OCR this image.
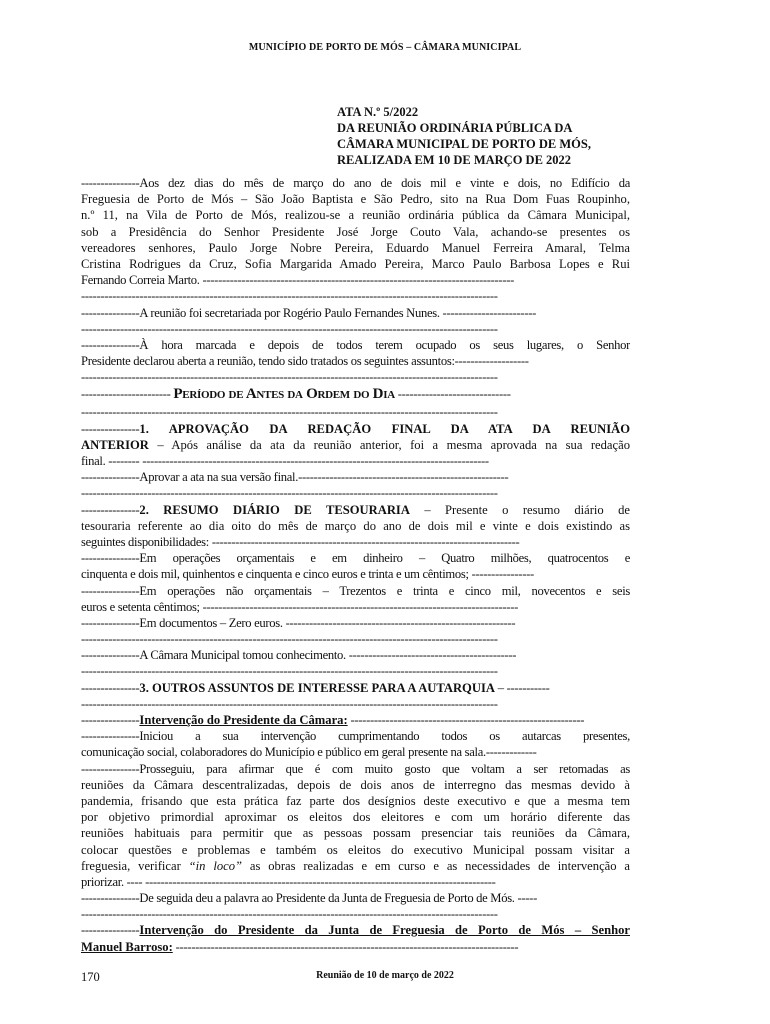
MUNICÍPIO DE PORTO DE MÓS – CÂMARA MUNICIPAL
ATA N.º 5/2022
DA REUNIÃO ORDINÁRIA PÚBLICA DA
CÂMARA MUNICIPAL DE PORTO DE MÓS,
REALIZADA EM 10 DE MARÇO DE 2022
---------------Aos dez dias do mês de março do ano de dois mil e vinte e dois, no Edifício da
Freguesia de Porto de Mós – São João Baptista e São Pedro, sito na Rua Dom Fuas Roupinho,
n.º 11, na Vila de Porto de Mós, realizou-se a reunião ordinária pública da Câmara Municipal,
sob a Presidência do Senhor Presidente José Jorge Couto Vala, achando-se presentes os
vereadores senhores, Paulo Jorge Nobre Pereira, Eduardo Manuel Ferreira Amaral, Telma
Cristina Rodrigues da Cruz, Sofia Margarida Amado Pereira, Marco Paulo Barbosa Lopes e Rui
Fernando Correia Marto. --------------------------------------------------------------------------------
-----------------------------------------------------------------------------------------------------------
---------------A reunião foi secretariada por Rogério Paulo Fernandes Nunes. ------------------------
-----------------------------------------------------------------------------------------------------------
---------------À hora marcada e depois de todos terem ocupado os seus lugares, o Senhor
Presidente declarou aberta a reunião, tendo sido tratados os seguintes assuntos:-------------------
-----------------------------------------------------------------------------------------------------------
----------------------- Período de Antes da Ordem do Dia -----------------------------
-----------------------------------------------------------------------------------------------------------
---------------1. APROVAÇÃO DA REDAÇÃO FINAL DA ATA DA REUNIÃO
ANTERIOR – Após análise da ata da reunião anterior, foi a mesma aprovada na sua redação
final. -------- -----------------------------------------------------------------------------------------
---------------Aprovar a ata na sua versão final.------------------------------------------------------
-----------------------------------------------------------------------------------------------------------
---------------2. RESUMO DIÁRIO DE TESOURARIA – Presente o resumo diário de
tesouraria referente ao dia oito do mês de março do ano de dois mil e vinte e dois existindo as
seguintes disponibilidades: -------------------------------------------------------------------------------
---------------Em operações orçamentais e em dinheiro – Quatro milhões, quatrocentos e
cinquenta e dois mil, quinhentos e cinquenta e cinco euros e trinta e um cêntimos; ----------------
---------------Em operações não orçamentais – Trezentos e trinta e cinco mil, novecentos e seis
euros e setenta cêntimos; ---------------------------------------------------------------------------------
---------------Em documentos – Zero euros. -----------------------------------------------------------
-----------------------------------------------------------------------------------------------------------
---------------A Câmara Municipal tomou conhecimento. -------------------------------------------
-----------------------------------------------------------------------------------------------------------
---------------3. OUTROS ASSUNTOS DE INTERESSE PARA A AUTARQUIA – -----------
-----------------------------------------------------------------------------------------------------------
---------------Intervenção do Presidente da Câmara: ------------------------------------------------------------
---------------Iniciou a sua intervenção cumprimentando todos os autarcas presentes,
comunicação social, colaboradores do Município e público em geral presente na sala.-------------
---------------Prosseguiu, para afirmar que é com muito gosto que voltam a ser retomadas as
reuniões da Câmara descentralizadas, depois de dois anos de interregno das mesmas devido à
pandemia, frisando que esta prática faz parte dos desígnios deste executivo e que a mesma tem
por objetivo primordial aproximar os eleitos dos eleitores e com um horário diferente das
reuniões habituais para permitir que as pessoas possam presenciar tais reuniões da Câmara,
colocar questões e problemas e também os eleitos do executivo Municipal possam visitar a
freguesia, verificar “in loco” as obras realizadas e em curso e as necessidades de intervenção a
priorizar. ---- ------------------------------------------------------------------------------------------
---------------De seguida deu a palavra ao Presidente da Junta de Freguesia de Porto de Mós. -----
-----------------------------------------------------------------------------------------------------------
---------------Intervenção do Presidente da Junta de Freguesia de Porto de Mós – Senhor
Manuel Barroso: ----------------------------------------------------------------------------------------
170	Reunião de 10 de março de 2022
